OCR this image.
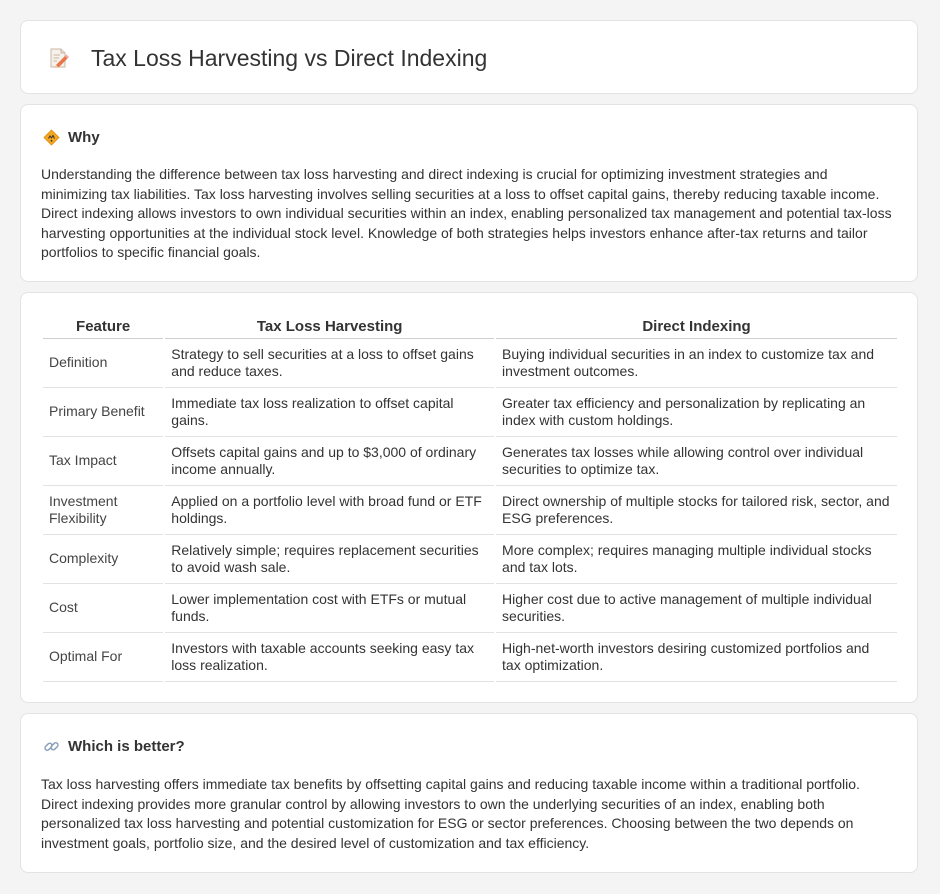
Tax Loss Harvesting vs Direct Indexing
Why

Understanding the difference between tax loss harvesting and direct indexing is crucial for optimizing investment strategies and minimizing tax liabilities. Tax loss harvesting involves selling securities at a loss to offset capital gains, thereby reducing taxable income. Direct indexing allows investors to own individual securities within an index, enabling personalized tax management and potential tax-loss harvesting opportunities at the individual stock level. Knowledge of both strategies helps investors enhance after-tax returns and tailor portfolios to specific financial goals.

Feature	Tax Loss Harvesting	Direct Indexing
Definition	Strategy to sell securities at a loss to offset gains and reduce taxes.	Buying individual securities in an index to customize tax and investment outcomes.
Primary Benefit	Immediate tax loss realization to offset capital gains.	Greater tax efficiency and personalization by replicating an index with custom holdings.
Tax Impact	Offsets capital gains and up to $3,000 of ordinary income annually.	Generates tax losses while allowing control over individual securities to optimize tax.
Investment Flexibility	Applied on a portfolio level with broad fund or ETF holdings.	Direct ownership of multiple stocks for tailored risk, sector, and ESG preferences.
Complexity	Relatively simple; requires replacement securities to avoid wash sale.	More complex; requires managing multiple individual stocks and tax lots.
Cost	Lower implementation cost with ETFs or mutual funds.	Higher cost due to active management of multiple individual securities.
Optimal For	Investors with taxable accounts seeking easy tax loss realization.	High-net-worth investors desiring customized portfolios and tax optimization.
Which is better?

Tax loss harvesting offers immediate tax benefits by offsetting capital gains and reducing taxable income within a traditional portfolio. Direct indexing provides more granular control by allowing investors to own the underlying securities of an index, enabling both personalized tax loss harvesting and potential customization for ESG or sector preferences. Choosing between the two depends on investment goals, portfolio size, and the desired level of customization and tax efficiency.
